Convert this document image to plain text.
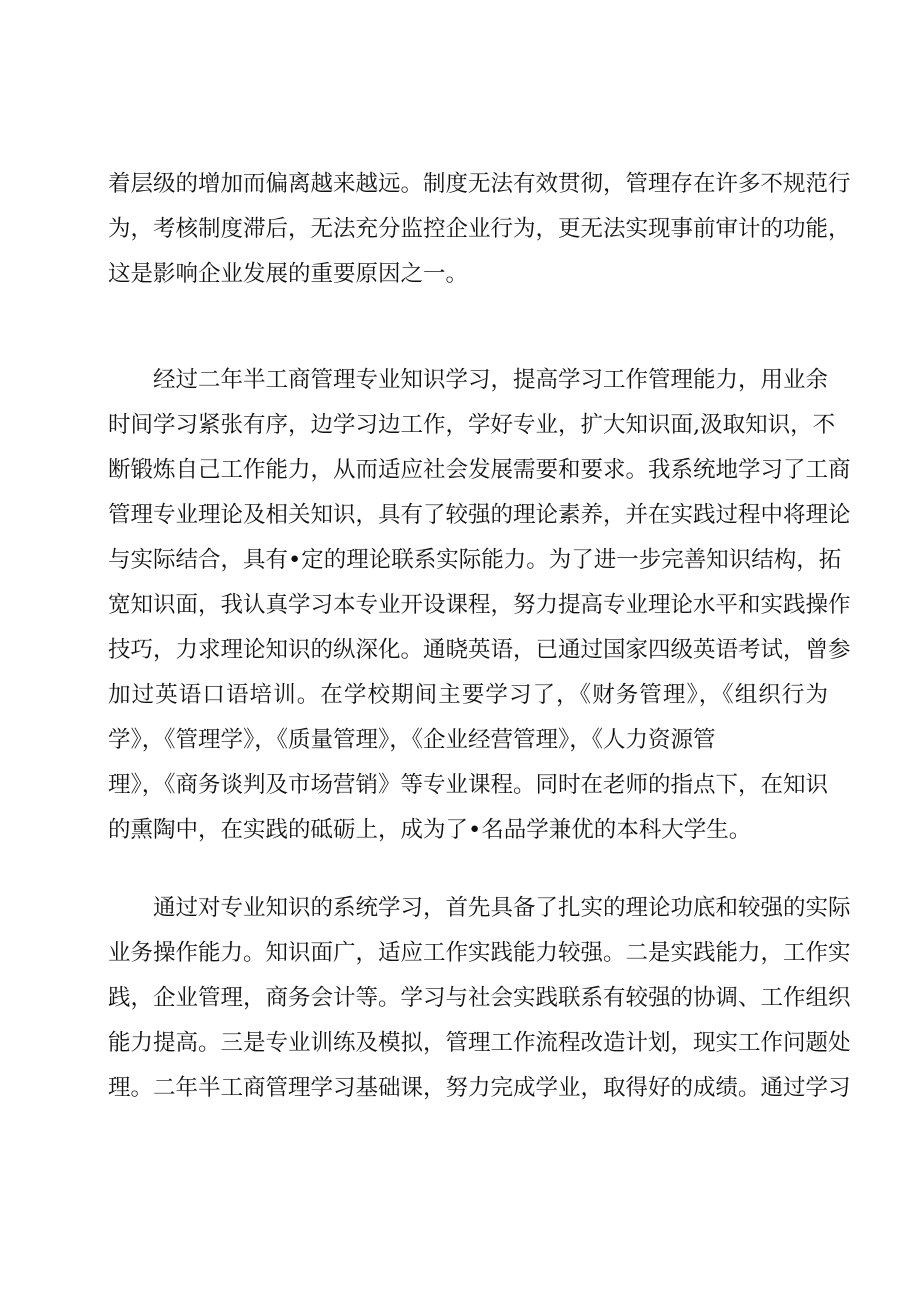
着层级的增加而偏离越来越远。制度无法有效贯彻，管理存在许多不规范行
为，考核制度滞后，无法充分监控企业行为，更无法实现事前审计的功能，
这是影响企业发展的重要原因之一。
经过二年半工商管理专业知识学习，提高学习工作管理能力，用业余
时间学习紧张有序，边学习边工作，学好专业，扩大知识面,汲取知识，不
断锻炼自己工作能力，从而适应社会发展需要和要求。我系统地学习了工商
管理专业理论及相关知识，具有了较强的理论素养，并在实践过程中将理论
与实际结合，具有•定的理论联系实际能力。为了进一步完善知识结构，拓
宽知识面，我认真学习本专业开设课程，努力提高专业理论水平和实践操作
技巧，力求理论知识的纵深化。通晓英语，已通过国家四级英语考试，曾参
加过英语口语培训。在学校期间主要学习了，《财务管理》，《组织行为
学》，《管理学》，《质量管理》，《企业经营管理》，《人力资源管
理》，《商务谈判及市场营销》等专业课程。同时在老师的指点下，在知识
的熏陶中，在实践的砥砺上，成为了•名品学兼优的本科大学生。
通过对专业知识的系统学习，首先具备了扎实的理论功底和较强的实际
业务操作能力。知识面广，适应工作实践能力较强。二是实践能力，工作实
践，企业管理，商务会计等。学习与社会实践联系有较强的协调、工作组织
能力提高。三是专业训练及模拟，管理工作流程改造计划，现实工作问题处
理。二年半工商管理学习基础课，努力完成学业，取得好的成绩。通过学习
